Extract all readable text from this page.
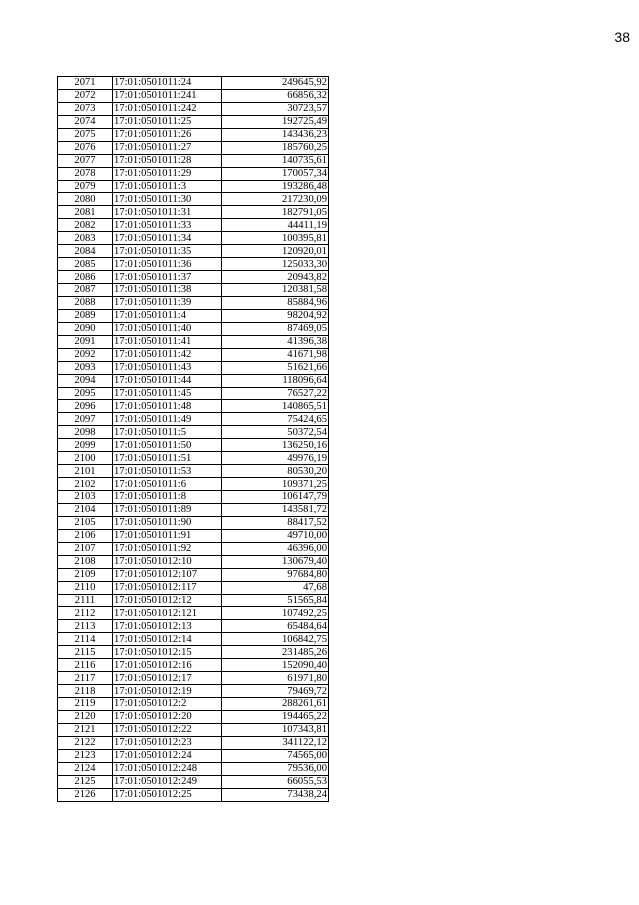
38
2071	17:01:0501011:24	249645,92
2072	17:01:0501011:241	66856,32
2073	17:01:0501011:242	30723,57
2074	17:01:0501011:25	192725,49
2075	17:01:0501011:26	143436,23
2076	17:01:0501011:27	185760,25
2077	17:01:0501011:28	140735,61
2078	17:01:0501011:29	170057,34
2079	17:01:0501011:3	193286,48
2080	17:01:0501011:30	217230,09
2081	17:01:0501011:31	182791,05
2082	17:01:0501011:33	44411,19
2083	17:01:0501011:34	100395,81
2084	17:01:0501011:35	120920,01
2085	17:01:0501011:36	125033,30
2086	17:01:0501011:37	20943,82
2087	17:01:0501011:38	120381,58
2088	17:01:0501011:39	85884,96
2089	17:01:0501011:4	98204,92
2090	17:01:0501011:40	87469,05
2091	17:01:0501011:41	41396,38
2092	17:01:0501011:42	41671,98
2093	17:01:0501011:43	51621,66
2094	17:01:0501011:44	118096,64
2095	17:01:0501011:45	76527,22
2096	17:01:0501011:48	140865,51
2097	17:01:0501011:49	75424,65
2098	17:01:0501011:5	50372,54
2099	17:01:0501011:50	136250,16
2100	17:01:0501011:51	49976,19
2101	17:01:0501011:53	80530,20
2102	17:01:0501011:6	109371,25
2103	17:01:0501011:8	106147,79
2104	17:01:0501011:89	143581,72
2105	17:01:0501011:90	88417,52
2106	17:01:0501011:91	49710,00
2107	17:01:0501011:92	46396,00
2108	17:01:0501012:10	130679,40
2109	17:01:0501012:107	97684,80
2110	17:01:0501012:117	47,68
2111	17:01:0501012:12	51565,84
2112	17:01:0501012:121	107492,25
2113	17:01:0501012:13	65484,64
2114	17:01:0501012:14	106842,75
2115	17:01:0501012:15	231485,26
2116	17:01:0501012:16	152090,40
2117	17:01:0501012:17	61971,80
2118	17:01:0501012:19	79469,72
2119	17:01:0501012:2	288261,61
2120	17:01:0501012:20	194465,22
2121	17:01:0501012:22	107343,81
2122	17:01:0501012:23	341122,12
2123	17:01:0501012:24	74565,00
2124	17:01:0501012:248	79536,00
2125	17:01:0501012:249	66055,53
2126	17:01:0501012:25	73438,24
